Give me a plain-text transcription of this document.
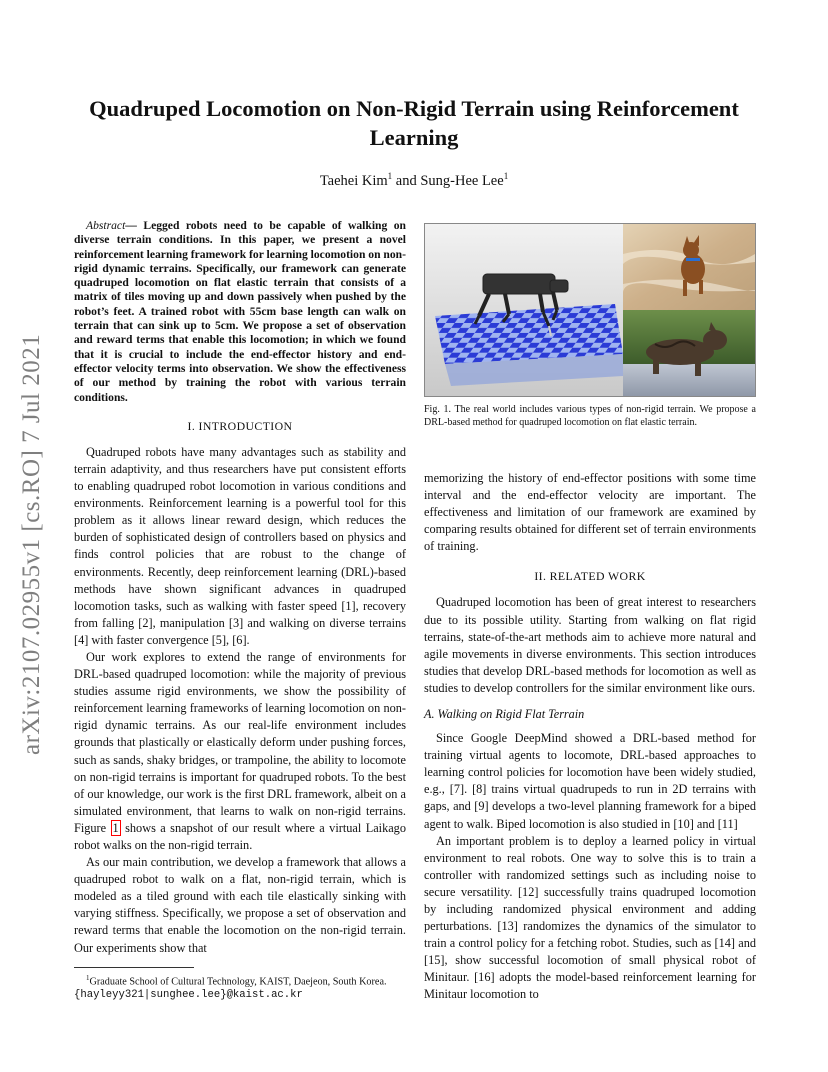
arXiv:2107.02955v1 [cs.RO] 7 Jul 2021
Quadruped Locomotion on Non-Rigid Terrain using Reinforcement Learning
Taehei Kim$^1$ and Sung-Hee Lee$^1$

Abstract— Legged robots need to be capable of walking on diverse terrain conditions. In this paper, we present a novel reinforcement learning framework for learning locomotion on non-rigid dynamic terrains. Specifically, our framework can generate quadruped locomotion on flat elastic terrain that consists of a matrix of tiles moving up and down passively when pushed by the robot’s feet. A trained robot with 55cm base length can walk on terrain that can sink up to 5cm. We propose a set of observation and reward terms that enable this locomotion; in which we found that it is crucial to include the end-effector history and end-effector velocity terms into observation. We show the effectiveness of our method by training the robot with various terrain conditions.

I. INTRODUCTION

Quadruped robots have many advantages such as stability and terrain adaptivity, and thus researchers have put consistent efforts to enabling quadruped robot locomotion in various conditions and environments. Reinforcement learning is a powerful tool for this problem as it allows linear reward design, which reduces the burden of sophisticated design of controllers based on physics and finds control policies that are robust to the change of environments. Recently, deep reinforcement learning (DRL)-based methods have shown significant advances in quadruped locomotion tasks, such as walking with faster speed [1], recovery from falling [2], manipulation [3] and walking on diverse terrains [4] with faster convergence [5], [6].

Our work explores to extend the range of environments for DRL-based quadruped locomotion: while the majority of previous studies assume rigid environments, we show the possibility of reinforcement learning frameworks of learning locomotion on non-rigid dynamic terrains. As our real-life environment includes grounds that plastically or elastically deform under pushing forces, such as sands, shaky bridges, or trampoline, the ability to locomote on non-rigid terrains is important for quadruped robots. To the best of our knowledge, our work is the first DRL framework, albeit on a simulated environment, that learns to walk on non-rigid terrains. Figure 1 shows a snapshot of our result where a virtual Laikago robot walks on the non-rigid terrain.

As our main contribution, we develop a framework that allows a quadruped robot to walk on a flat, non-rigid terrain, which is modeled as a tiled ground with each tile elastically sinking with varying stiffness. Specifically, we propose a set of observation and reward terms that enable the locomotion on the non-rigid terrain. Our experiments show that

$^1$Graduate School of Cultural Technology, KAIST, Daejeon, South Korea.
{hayleyy321|sunghee.lee}@kaist.ac.kr
Fig. 1. The real world includes various types of non-rigid terrain. We propose a DRL-based method for quadruped locomotion on flat elastic terrain.

memorizing the history of end-effector positions with some time interval and the end-effector velocity are important. The effectiveness and limitation of our framework are examined by comparing results obtained for different set of terrain environments of training.

II. RELATED WORK

Quadruped locomotion has been of great interest to researchers due to its possible utility. Starting from walking on flat rigid terrains, state-of-the-art methods aim to achieve more natural and agile movements in diverse environments. This section introduces studies that develop DRL-based methods for locomotion as well as studies to develop controllers for the similar environment like ours.

A. Walking on Rigid Flat Terrain

Since Google DeepMind showed a DRL-based method for training virtual agents to locomote, DRL-based approaches to learning control policies for locomotion have been widely studied, e.g., [7]. [8] trains virtual quadrupeds to run in 2D terrains with gaps, and [9] develops a two-level planning framework for a biped agent to walk. Biped locomotion is also studied in [10] and [11]

An important problem is to deploy a learned policy in virtual environment to real robots. One way to solve this is to train a controller with randomized settings such as including noise to secure versatility. [12] successfully trains quadruped locomotion by including randomized physical environment and adding perturbations. [13] randomizes the dynamics of the simulator to train a control policy for a fetching robot. Studies, such as [14] and [15], show successful locomotion of small physical robot of Minitaur. [16] adopts the model-based reinforcement learning for Minitaur locomotion to
